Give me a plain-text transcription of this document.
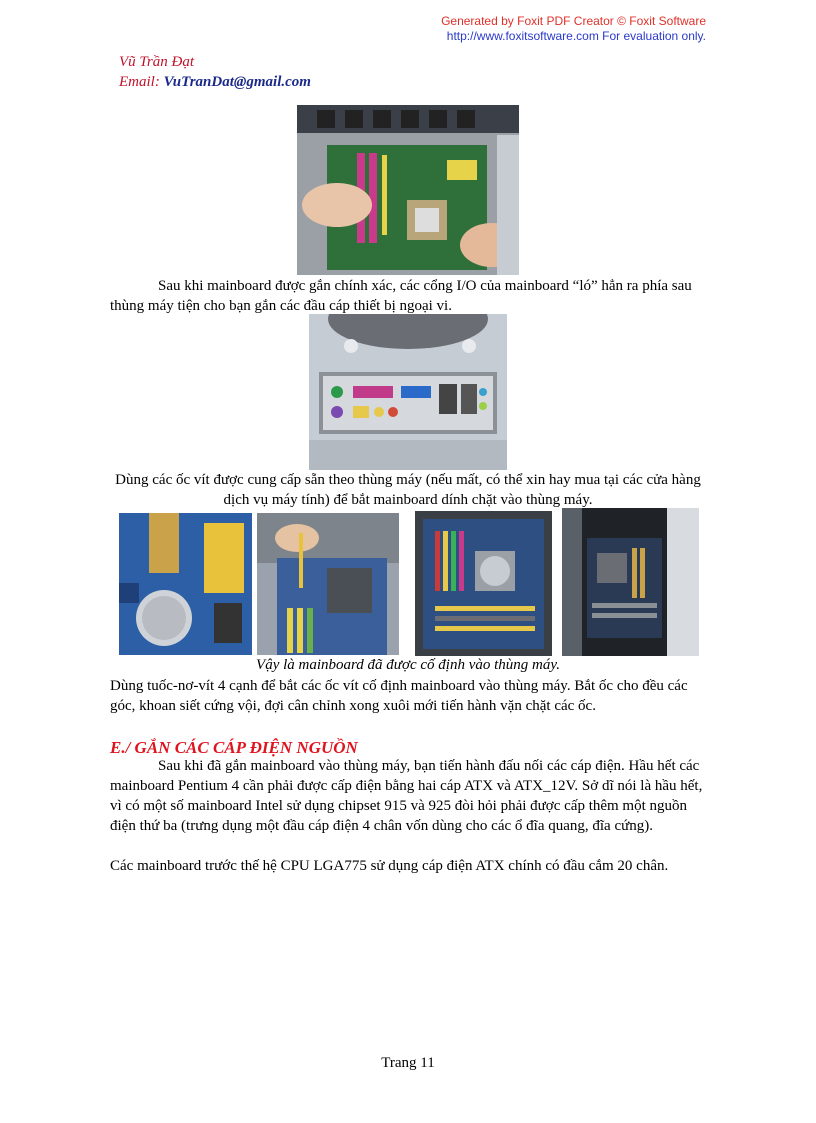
Generated by Foxit PDF Creator © Foxit Software
http://www.foxitsoftware.com For evaluation only.
Vũ Trần Đạt
Email: VuTranDat@gmail.com

Sau khi mainboard được gắn chính xác, các cổng I/O của mainboard “ló” hẳn ra phía sau thùng máy tiện cho bạn gắn các đầu cáp thiết bị ngoại vi.

Dùng các ốc vít được cung cấp sẵn theo thùng máy (nếu mất, có thể xin hay mua tại các cửa hàng dịch vụ máy tính) để bắt mainboard dính chặt vào thùng máy.

Vậy là mainboard đã được cố định vào thùng máy.

Dùng tuốc-nơ-vít 4 cạnh để bắt các ốc vít cố định mainboard vào thùng máy. Bắt ốc cho đều các góc, khoan siết cứng vội, đợi cân chỉnh xong xuôi mới tiến hành vặn chặt các ốc.

E./ GẮN CÁC CÁP ĐIỆN NGUỒN

Sau khi đã gắn mainboard vào thùng máy, bạn tiến hành đấu nối các cáp điện. Hầu hết các mainboard Pentium 4 cần phải được cấp điện bằng hai cáp ATX và ATX_12V. Sở dĩ nói là hầu hết, vì có một số mainboard Intel sử dụng chipset 915 và 925 đòi hỏi phải được cấp thêm một nguồn điện thứ ba (trưng dụng một đầu cáp điện 4 chân vốn dùng cho các ổ đĩa quang, đĩa cứng).

Các mainboard trước thế hệ CPU LGA775 sử dụng cáp điện ATX chính có đầu cắm 20 chân.

Trang 11
